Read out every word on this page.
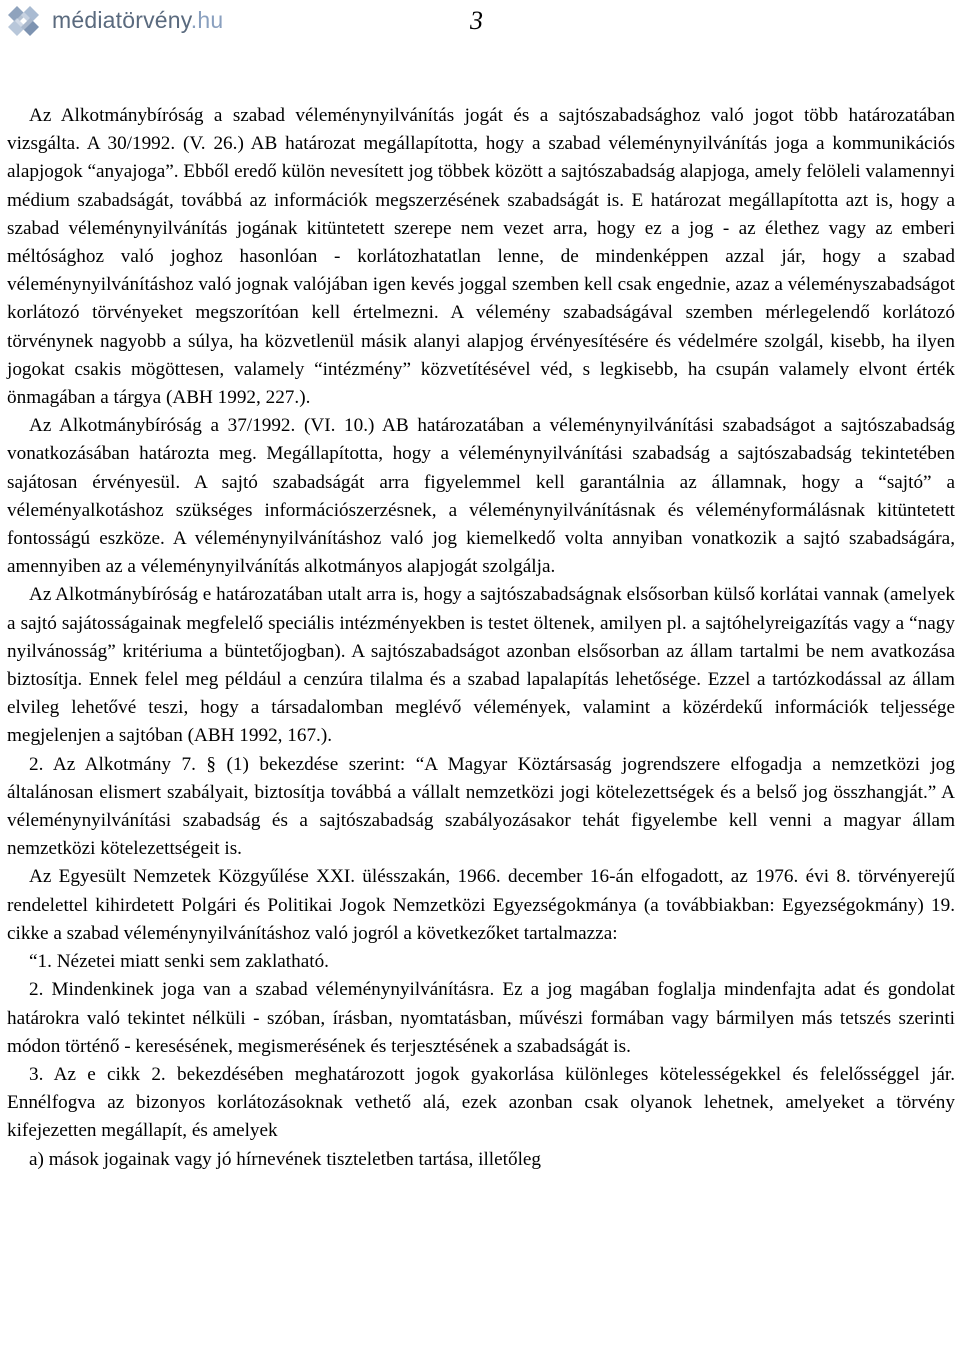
médiatörvény.hu	3

Az Alkotmánybíróság a szabad véleménynyilvánítás jogát és a sajtószabadsághoz való jogot több határozatában vizsgálta. A 30/1992. (V. 26.) AB határozat megállapította, hogy a szabad véleménynyilvánítás joga a kommunikációs alapjogok “anyajoga”. Ebből eredő külön nevesített jog többek között a sajtószabadság alapjoga, amely felöleli valamennyi médium szabadságát, továbbá az információk megszerzésének szabadságát is. E határozat megállapította azt is, hogy a szabad véleménynyilvánítás jogának kitüntetett szerepe nem vezet arra, hogy ez a jog - az élethez vagy az emberi méltósághoz való joghoz hasonlóan - korlátozhatatlan lenne, de mindenképpen azzal jár, hogy a szabad véleménynyilvánításhoz való jognak valójában igen kevés joggal szemben kell csak engednie, azaz a véleményszabadságot korlátozó törvényeket megszorítóan kell értelmezni. A vélemény szabadságával szemben mérlegelendő korlátozó törvénynek nagyobb a súlya, ha közvetlenül másik alanyi alapjog érvényesítésére és védelmére szolgál, kisebb, ha ilyen jogokat csakis mögöttesen, valamely “intézmény” közvetítésével véd, s legkisebb, ha csupán valamely elvont érték önmagában a tárgya (ABH 1992, 227.).

Az Alkotmánybíróság a 37/1992. (VI. 10.) AB határozatában a véleménynyilvánítási szabadságot a sajtószabadság vonatkozásában határozta meg. Megállapította, hogy a véleménynyilvánítási szabadság a sajtószabadság tekintetében sajátosan érvényesül. A sajtó szabadságát arra figyelemmel kell garantálnia az államnak, hogy a “sajtó” a véleményalkotáshoz szükséges információszerzésnek, a véleménynyilvánításnak és véleményformálásnak kitüntetett fontosságú eszköze. A véleménynyilvánításhoz való jog kiemelkedő volta annyiban vonatkozik a sajtó szabadságára, amennyiben az a véleménynyilvánítás alkotmányos alapjogát szolgálja.

Az Alkotmánybíróság e határozatában utalt arra is, hogy a sajtószabadságnak elsősorban külső korlátai vannak (amelyek a sajtó sajátosságainak megfelelő speciális intézményekben is testet öltenek, amilyen pl. a sajtóhelyreigazítás vagy a “nagy nyilvánosság” kritériuma a büntetőjogban). A sajtószabadságot azonban elsősorban az állam tartalmi be nem avatkozása biztosítja. Ennek felel meg például a cenzúra tilalma és a szabad lapalapítás lehetősége. Ezzel a tartózkodással az állam elvileg lehetővé teszi, hogy a társadalomban meglévő vélemények, valamint a közérdekű információk teljessége megjelenjen a sajtóban (ABH 1992, 167.).

2. Az Alkotmány 7. § (1) bekezdése szerint: “A Magyar Köztársaság jogrendszere elfogadja a nemzetközi jog általánosan elismert szabályait, biztosítja továbbá a vállalt nemzetközi jogi kötelezettségek és a belső jog összhangját.” A véleménynyilvánítási szabadság és a sajtószabadság szabályozásakor tehát figyelembe kell venni a magyar állam nemzetközi kötelezettségeit is.

Az Egyesült Nemzetek Közgyűlése XXI. ülésszakán, 1966. december 16-án elfogadott, az 1976. évi 8. törvényerejű rendelettel kihirdetett Polgári és Politikai Jogok Nemzetközi Egyezségokmánya (a továbbiakban: Egyezségokmány) 19. cikke a szabad véleménynyilvánításhoz való jogról a következőket tartalmazza:

“1. Nézetei miatt senki sem zaklatható.

2. Mindenkinek joga van a szabad véleménynyilvánításra. Ez a jog magában foglalja mindenfajta adat és gondolat határokra való tekintet nélküli - szóban, írásban, nyomtatásban, művészi formában vagy bármilyen más tetszés szerinti módon történő - keresésének, megismerésének és terjesztésének a szabadságát is.

3. Az e cikk 2. bekezdésében meghatározott jogok gyakorlása különleges kötelességekkel és felelősséggel jár. Ennélfogva az bizonyos korlátozásoknak vethető alá, ezek azonban csak olyanok lehetnek, amelyeket a törvény kifejezetten megállapít, és amelyek

a) mások jogainak vagy jó hírnevének tiszteletben tartása, illetőleg
